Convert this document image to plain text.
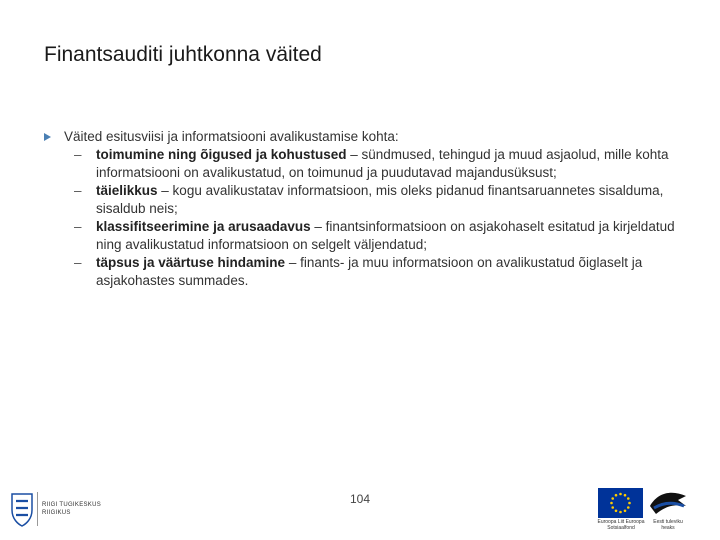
Finantsauditi juhtkonna väited
Väited esitusviisi ja informatsiooni avalikustamise kohta:
– toimumine ning õigused ja kohustused – sündmused, tehingud ja muud asjaolud, mille kohta informatsiooni on avalikustatud, on toimunud ja puudutavad majandusüksust;
– täielikkus – kogu avalikustatav informatsioon, mis oleks pidanud finantsaruannetes sisalduma, sisaldub neis;
– klassifitseerimine ja arusaadavus – finantsinformatsioon on asjakohaselt esitatud ja kirjeldatud ning avalikustatud informatsioon on selgelt väljendatud;
– täpsus ja väärtuse hindamine – finants- ja muu informatsioon on avalikustatud õiglaselt ja asjakohastes summades.
104
RIIGI TUGIKESKUS
RIIGIKUS
Euroopa Liit Euroopa Sotsiaalfond
Eesti tuleviku heaks
